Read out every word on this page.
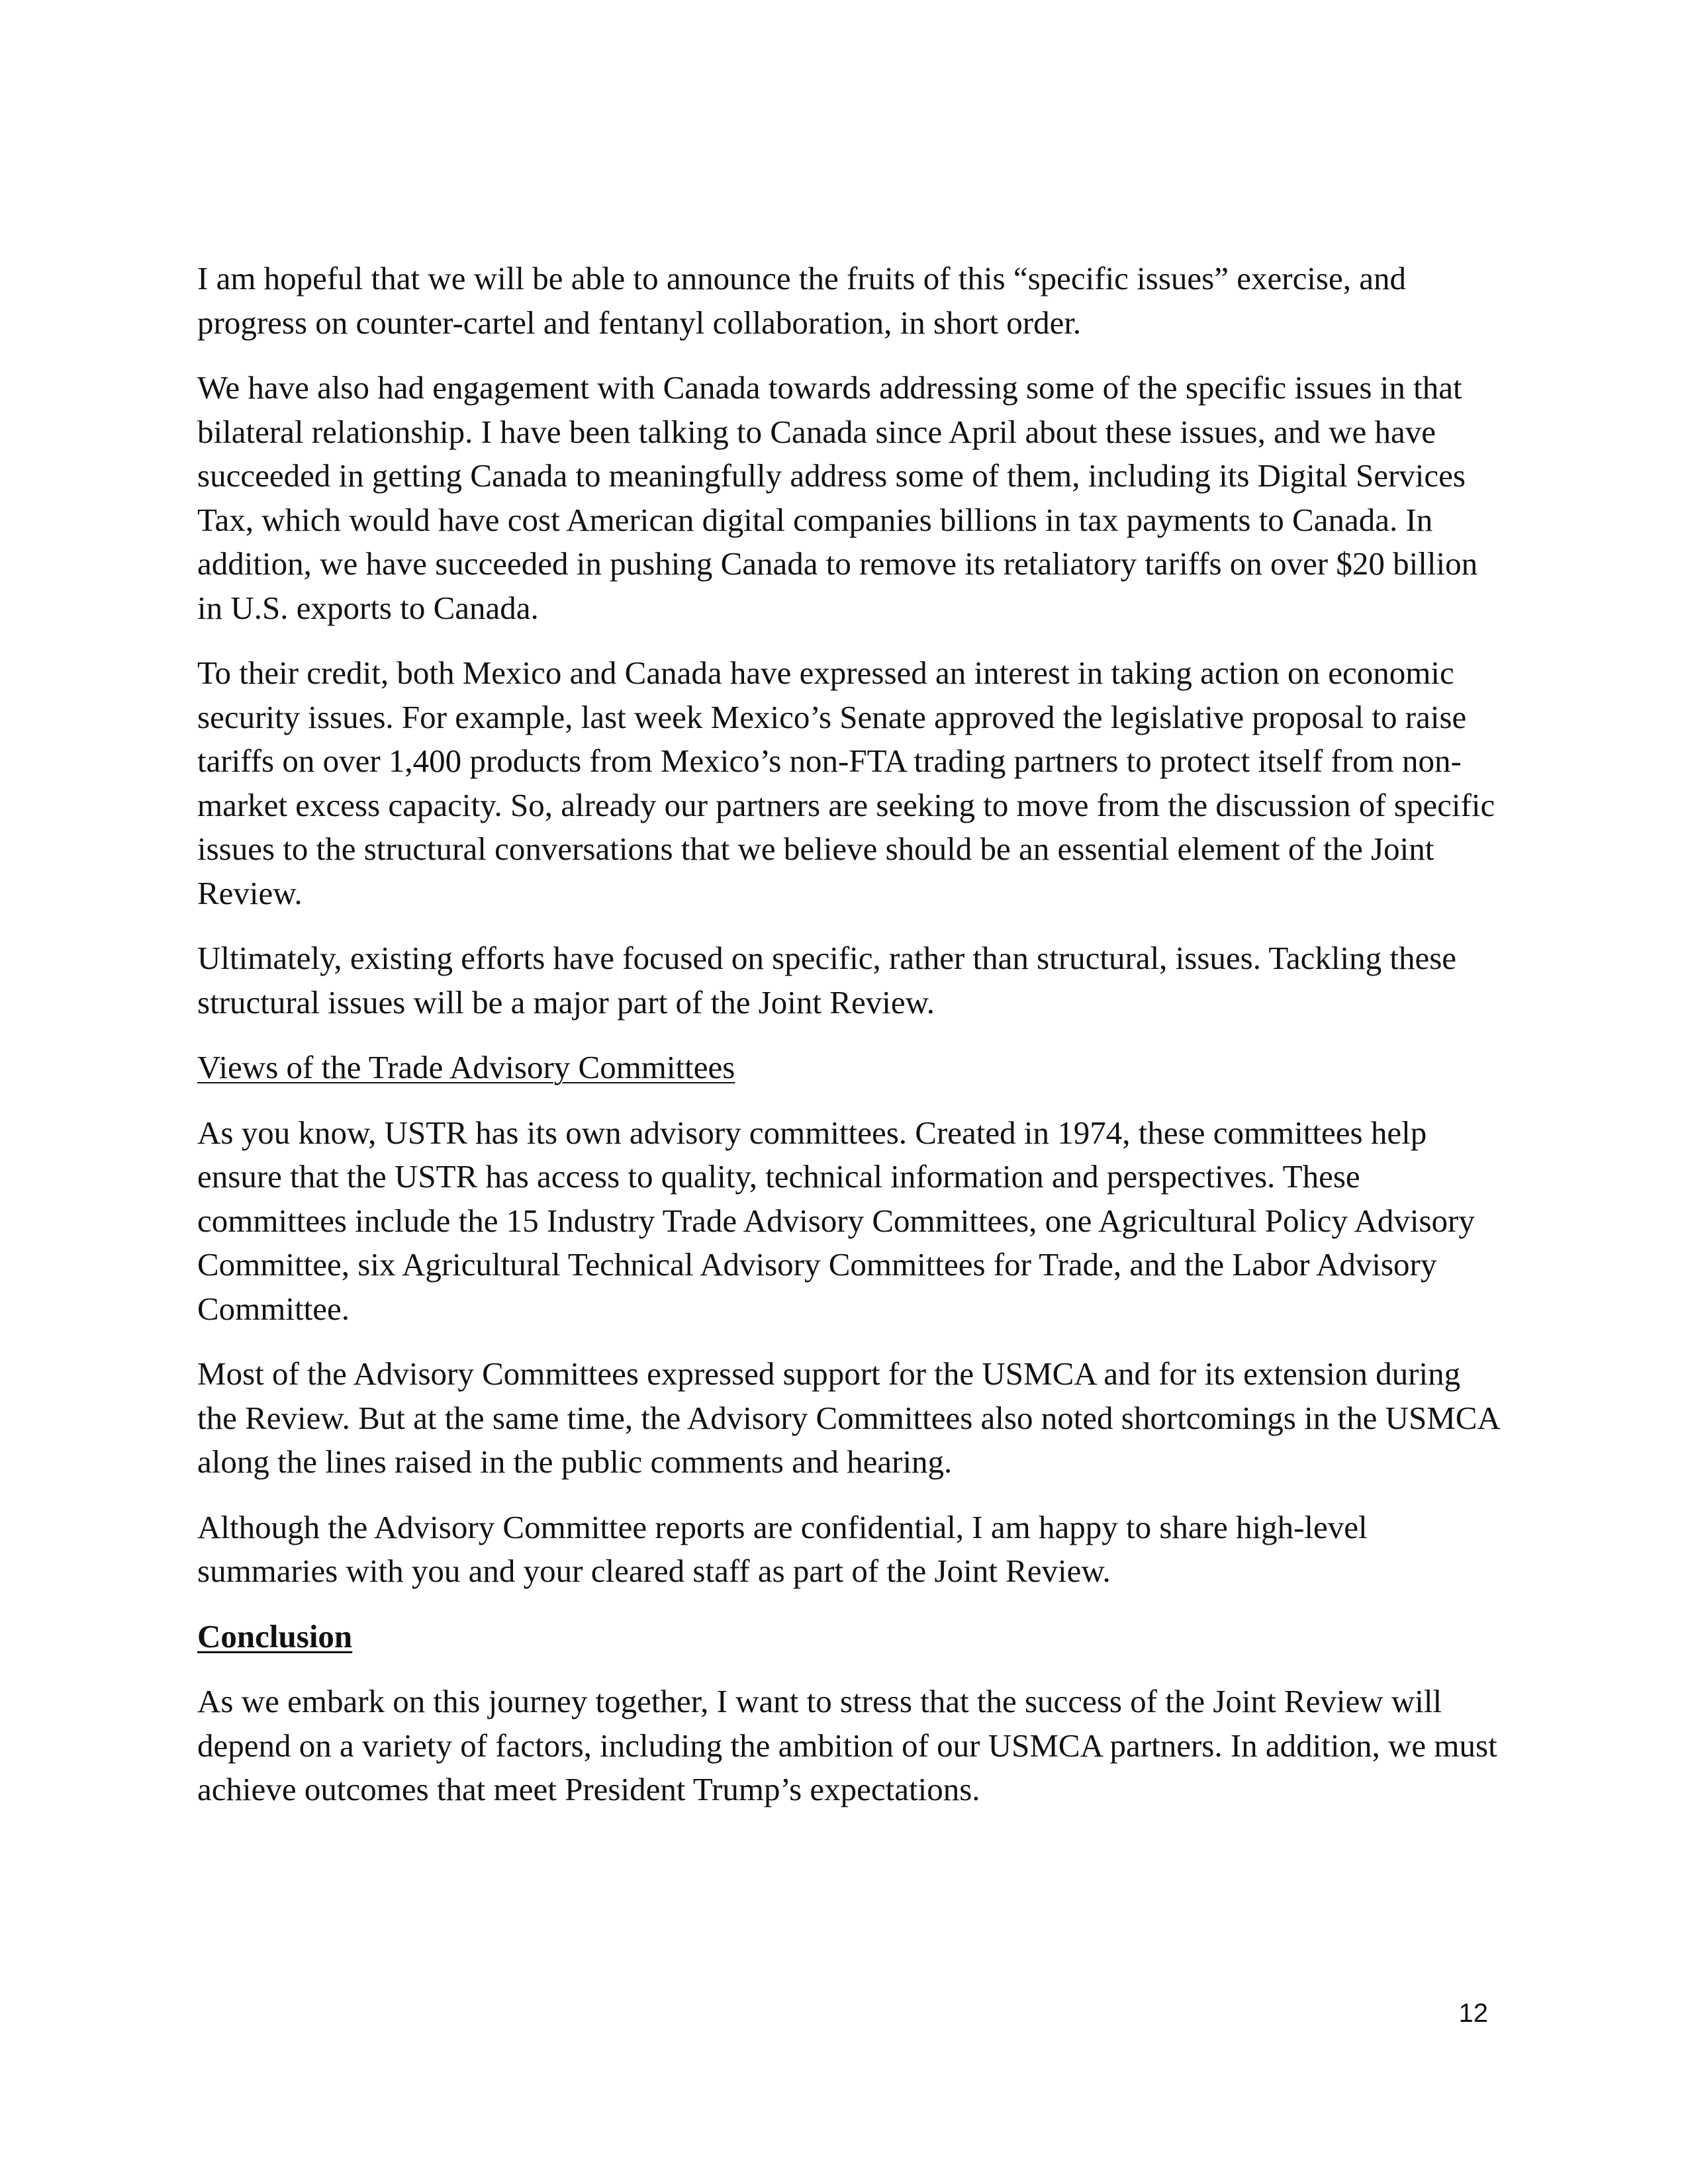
I am hopeful that we will be able to announce the fruits of this “specific issues” exercise, and progress on counter-cartel and fentanyl collaboration, in short order.

We have also had engagement with Canada towards addressing some of the specific issues in that bilateral relationship. I have been talking to Canada since April about these issues, and we have succeeded in getting Canada to meaningfully address some of them, including its Digital Services Tax, which would have cost American digital companies billions in tax payments to Canada. In addition, we have succeeded in pushing Canada to remove its retaliatory tariffs on over $20 billion in U.S. exports to Canada.

To their credit, both Mexico and Canada have expressed an interest in taking action on economic security issues. For example, last week Mexico’s Senate approved the legislative proposal to raise tariffs on over 1,400 products from Mexico’s non-FTA trading partners to protect itself from non-market excess capacity. So, already our partners are seeking to move from the discussion of specific issues to the structural conversations that we believe should be an essential element of the Joint Review.

Ultimately, existing efforts have focused on specific, rather than structural, issues. Tackling these structural issues will be a major part of the Joint Review.

Views of the Trade Advisory Committees

As you know, USTR has its own advisory committees. Created in 1974, these committees help ensure that the USTR has access to quality, technical information and perspectives. These committees include the 15 Industry Trade Advisory Committees, one Agricultural Policy Advisory Committee, six Agricultural Technical Advisory Committees for Trade, and the Labor Advisory Committee.

Most of the Advisory Committees expressed support for the USMCA and for its extension during the Review. But at the same time, the Advisory Committees also noted shortcomings in the USMCA along the lines raised in the public comments and hearing.

Although the Advisory Committee reports are confidential, I am happy to share high-level summaries with you and your cleared staff as part of the Joint Review.

Conclusion

As we embark on this journey together, I want to stress that the success of the Joint Review will depend on a variety of factors, including the ambition of our USMCA partners. In addition, we must achieve outcomes that meet President Trump’s expectations.

12
